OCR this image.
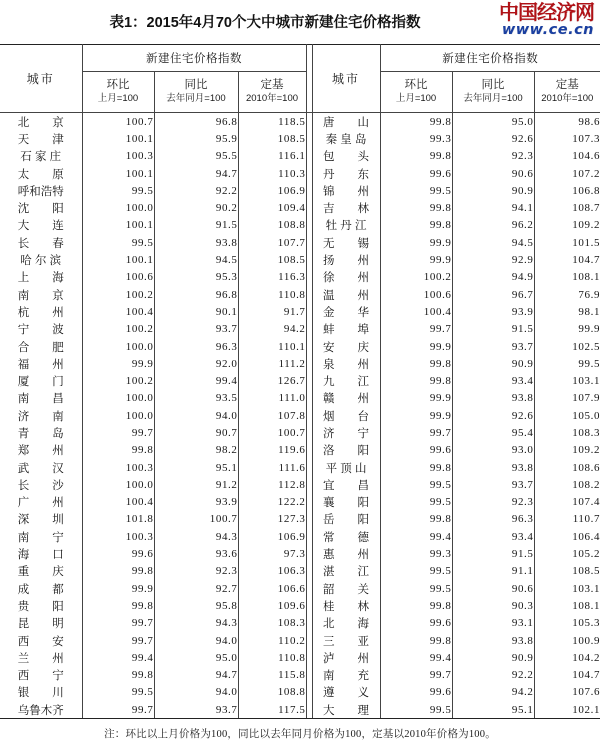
表1：2015年4月70个大中城市新建住宅价格指数	中国经济网
www.ce.cn
城市	新建住宅价格指数				城市	新建住宅价格指数		

	环比
上月=100	同比
去年同月=100	定基
2010年=100			环比
上月=100	同比
去年同月=100	定基
2010年=100

北　　京	100.7	96.8	118.5		唐　　山	99.8	95.0	98.6
天　　津	100.1	95.9	108.5		秦 皇 岛	99.3	92.6	107.3
石 家 庄	100.3	95.5	116.1		包　　头	99.8	92.3	104.6
太　　原	100.1	94.7	110.3		丹　　东	99.6	90.6	107.2
呼和浩特	99.5	92.2	106.9		锦　　州	99.5	90.9	106.8
沈　　阳	100.0	90.2	109.4		吉　　林	99.8	94.1	108.7
大　　连	100.1	91.5	108.8		牡 丹 江	99.8	96.2	109.2
长　　春	99.5	93.8	107.7		无　　锡	99.9	94.5	101.5
哈 尔 滨	100.1	94.5	108.5		扬　　州	99.9	92.9	104.7
上　　海	100.6	95.3	116.3		徐　　州	100.2	94.9	108.1
南　　京	100.2	96.8	110.8		温　　州	100.6	96.7	76.9
杭　　州	100.4	90.1	91.7		金　　华	100.4	93.9	98.1
宁　　波	100.2	93.7	94.2		蚌　　埠	99.7	91.5	99.9
合　　肥	100.0	96.3	110.1		安　　庆	99.9	93.7	102.5
福　　州	99.9	92.0	111.2		泉　　州	99.8	90.9	99.5
厦　　门	100.2	99.4	126.7		九　　江	99.8	93.4	103.1
南　　昌	100.0	93.5	111.0		赣　　州	99.9	93.8	107.9
济　　南	100.0	94.0	107.8		烟　　台	99.9	92.6	105.0
青　　岛	99.7	90.7	100.7		济　　宁	99.7	95.4	108.3
郑　　州	99.8	98.2	119.6		洛　　阳	99.6	93.0	109.2
武　　汉	100.3	95.1	111.6		平 顶 山	99.8	93.8	108.6
长　　沙	100.0	91.2	112.8		宜　　昌	99.5	93.7	108.2
广　　州	100.4	93.9	122.2		襄　　阳	99.5	92.3	107.4
深　　圳	101.8	100.7	127.3		岳　　阳	99.8	96.3	110.7
南　　宁	100.3	94.3	106.9		常　　德	99.4	93.4	106.4
海　　口	99.6	93.6	97.3		惠　　州	99.3	91.5	105.2
重　　庆	99.8	92.3	106.3		湛　　江	99.5	91.1	108.5
成　　都	99.9	92.7	106.6		韶　　关	99.5	90.6	103.1
贵　　阳	99.8	95.8	109.6		桂　　林	99.8	90.3	108.1
昆　　明	99.7	94.3	108.3		北　　海	99.6	93.1	105.3
西　　安	99.7	94.0	110.2		三　　亚	99.8	93.8	100.9
兰　　州	99.4	95.0	110.8		泸　　州	99.4	90.9	104.2
西　　宁	99.8	94.7	115.8		南　　充	99.7	92.2	104.7
银　　川	99.5	94.0	108.8		遵　　义	99.6	94.2	107.6
乌鲁木齐	99.7	93.7	117.5		大　　理	99.5	95.1	102.1
注：环比以上月价格为100，同比以去年同月价格为100，定基以2010年价格为100。
